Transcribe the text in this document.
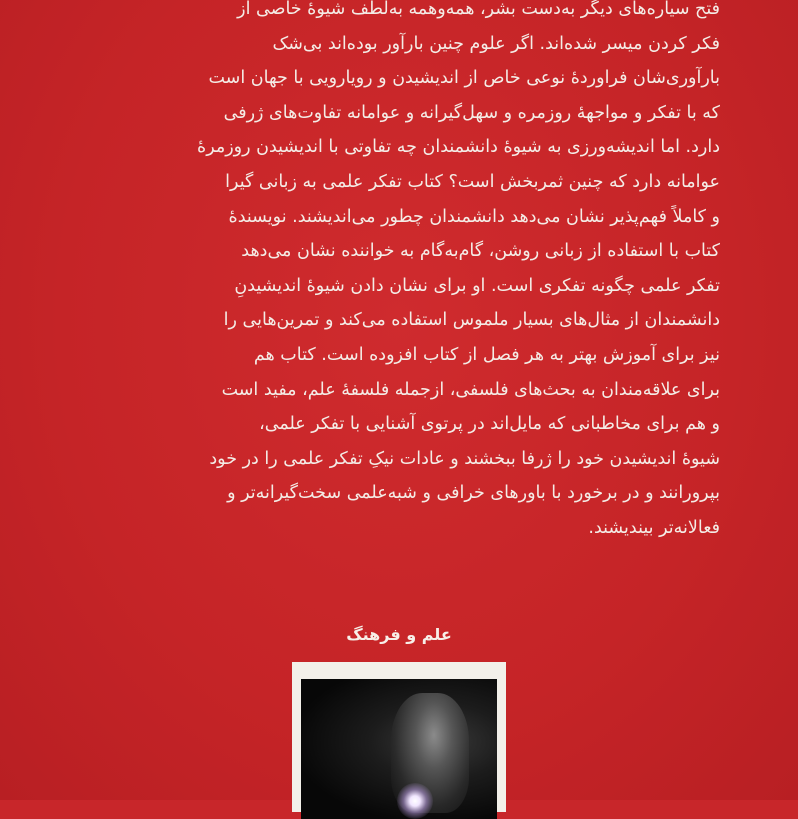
فتح سیاره‌های دیگر به‌دست بشر، همه‌وهمه به‌لطف شیوهٔ خاصی از

فکر کردن میسر شده‌اند. اگر علوم چنین بارآور بوده‌اند بی‌شک

بارآوری‌شان فراوردهٔ نوعی خاص از اندیشیدن و رویارویی با جهان است

که با تفکر و مواجههٔ روزمره و سهل‌گیرانه و عوامانه تفاوت‌های ژرفی

دارد. اما اندیشه‌ورزی به شیوهٔ دانشمندان چه تفاوتی با اندیشیدن روزمرهٔ

عوامانه دارد که چنین ثمربخش است؟ کتاب تفکر علمی به زبانی گیرا

و کاملاً فهم‌پذیر نشان می‌دهد دانشمندان چطور می‌اندیشند. نویسندهٔ

کتاب با استفاده از زبانی روشن، گام‌به‌گام به خواننده نشان می‌دهد

تفکر علمی چگونه تفکری است. او برای نشان دادن شیوهٔ اندیشیدنِ

دانشمندان از مثال‌های بسیار ملموس استفاده می‌کند و تمرین‌هایی را

نیز برای آموزش بهتر به هر فصل از کتاب افزوده است. کتاب هم

برای علاقه‌مندان به بحث‌های فلسفی، ازجمله فلسفهٔ علم، مفید است

و هم برای مخاطبانی که مایل‌اند در پرتوی آشنایی با تفکر علمی،

شیوهٔ اندیشیدن خود را ژرفا ببخشند و عادات نیکِ تفکر علمی را در خود

بپرورانند و در برخورد با باورهای خرافی و شبه‌علمی سخت‌گیرانه‌تر و

فعالانه‌تر بیندیشند.

علم و فرهنگ
